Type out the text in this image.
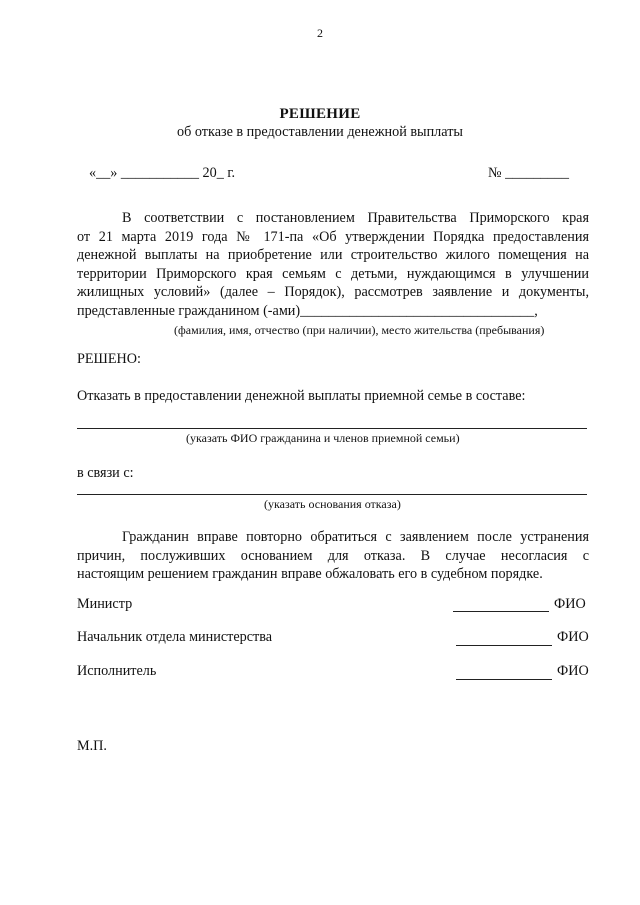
2
РЕШЕНИЕ
об отказе в предоставлении денежной выплаты
«__» ___________ 20_ г.	№ _________
В соответствии с постановлением Правительства Приморского края
от 21 марта 2019 года № 171-па «Об утверждении Порядка предоставления
денежной выплаты на приобретение или строительство жилого помещения на
территории Приморского края семьям с детьми, нуждающимся в улучшении
жилищных условий» (далее – Порядок), рассмотрев заявление и документы,
представленные гражданином (-ами)_________________________________,
(фамилия, имя, отчество (при наличии), место жительства (пребывания)
РЕШЕНО:
Отказать в предоставлении денежной выплаты приемной семье в составе:
(указать ФИО гражданина и членов приемной семьи)
в связи с:
(указать основания отказа)
Гражданин вправе повторно обратиться с заявлением после устранения
причин, послуживших основанием для отказа. В случае несогласия с
настоящим решением гражданин вправе обжаловать его в судебном порядке.
Министр	ФИО
Начальник отдела министерства	ФИО
Исполнитель	ФИО
М.П.
